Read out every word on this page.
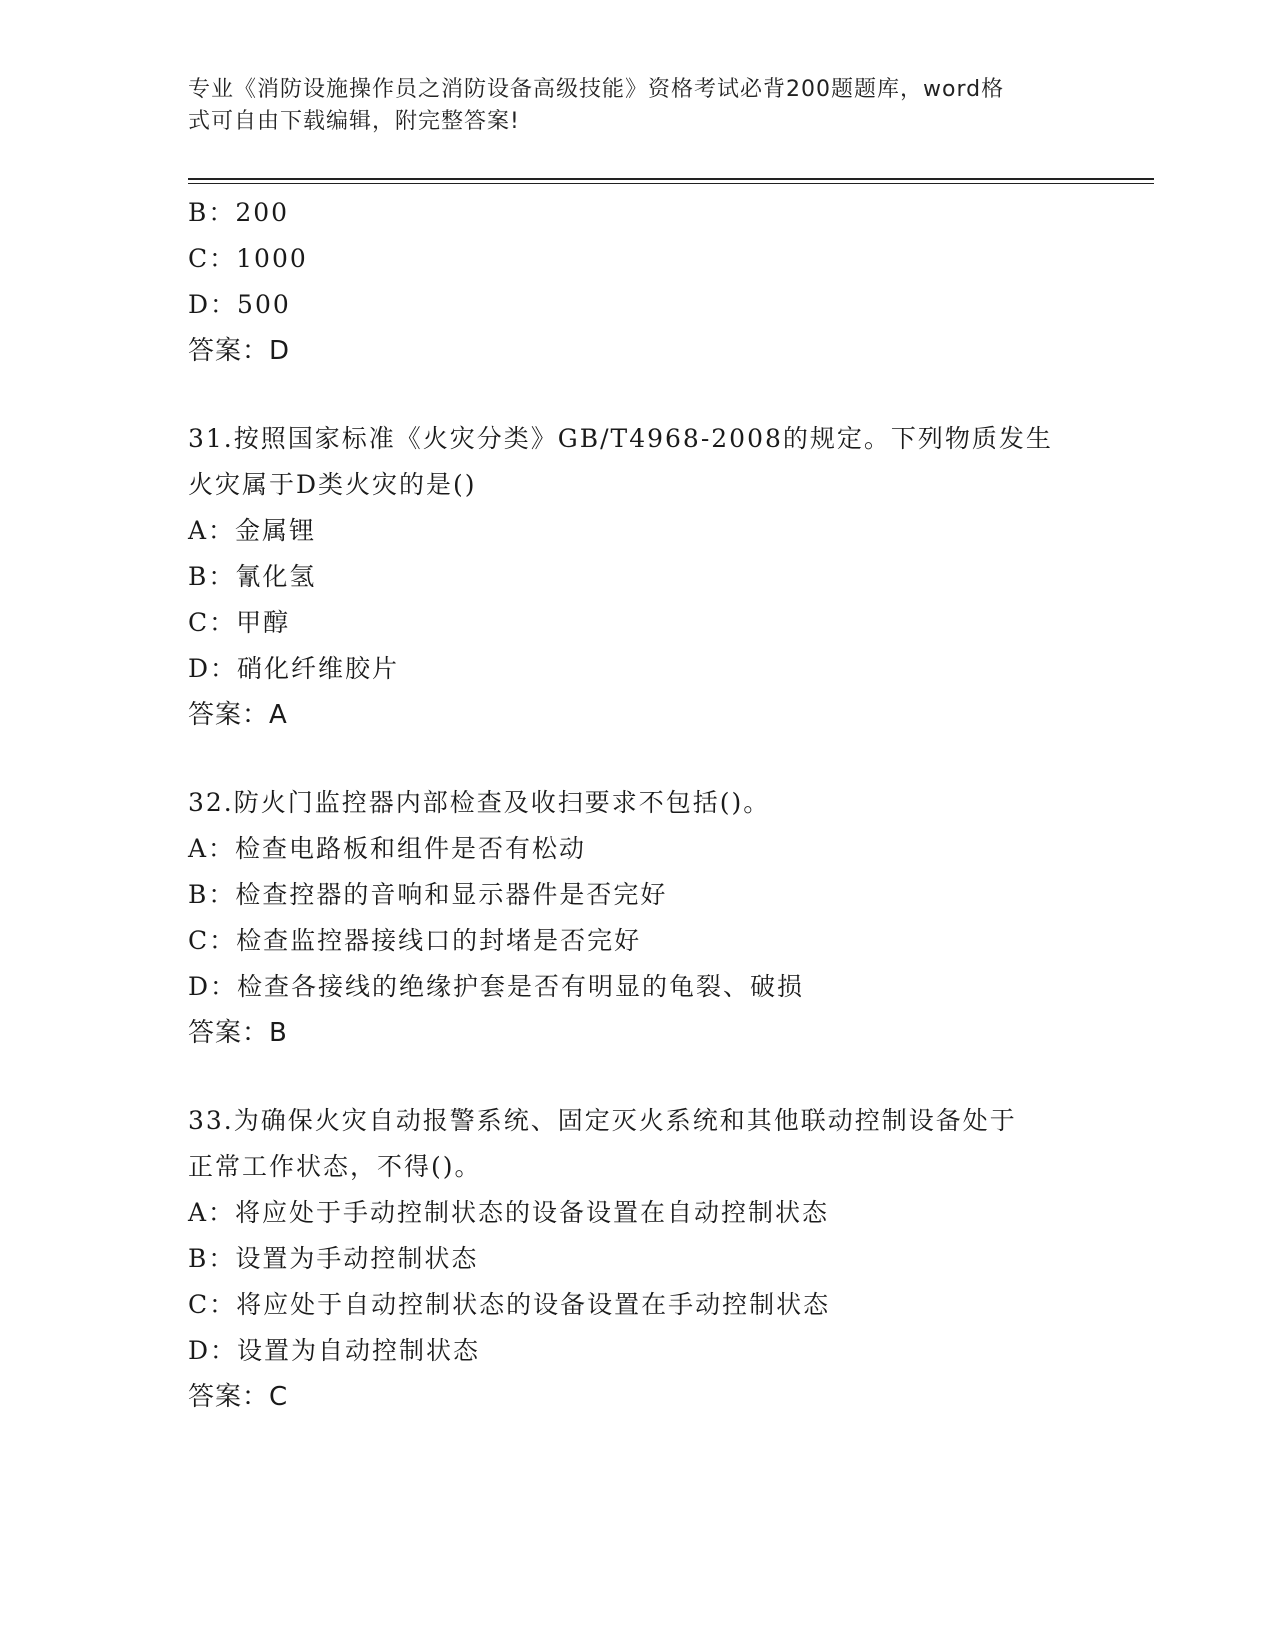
专业《消防设施操作员之消防设备高级技能》资格考试必背200题题库，word格
式可自由下载编辑，附完整答案!
B：200
C：1000
D：500
答案：D
31.按照国家标准《火灾分类》GB/T4968-2008的规定。下列物质发生
火灾属于D类火灾的是()
A：金属锂
B：氰化氢
C：甲醇
D：硝化纤维胶片
答案：A
32.防火门监控器内部检查及收扫要求不包括()。
A：检查电路板和组件是否有松动
B：检查控器的音响和显示器件是否完好
C：检查监控器接线口的封堵是否完好
D：检查各接线的绝缘护套是否有明显的龟裂、破损
答案：B
33.为确保火灾自动报警系统、固定灭火系统和其他联动控制设备处于
正常工作状态，不得()。
A：将应处于手动控制状态的设备设置在自动控制状态
B：设置为手动控制状态
C：将应处于自动控制状态的设备设置在手动控制状态
D：设置为自动控制状态
答案：C
